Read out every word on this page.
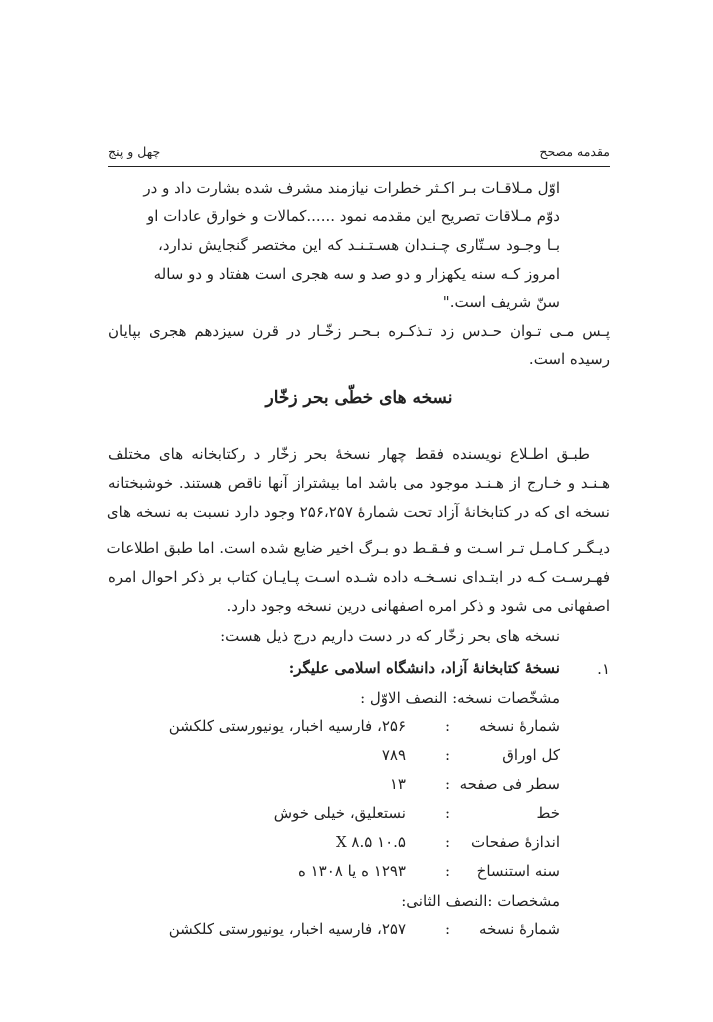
مقدمه مصحح
چهل و پنج
اوّل مـلاقـات بـر اکـثر خطرات نیازمند مشرف شده بشارت داد و در
دوّم مـلاقات تصریح این مقدمه نمود ......کمالات و خوارق عادات او
بـا وجـود سـتّاری چـنـدان هسـتـنـد که این مختصر گنجایش ندارد،
امروز کـه سنه یکهزار و دو صد و سه هجری است هفتاد و دو ساله
سنّ شریف است."
پـس مـی تـوان حـدس زد تـذکـره بـحـر زخّـار در قرن سیزدهم هجری بپایان
رسیده است.
نسخه های خطّی بحر زخّار
طبـق اطـلاع نویسنده فقط چهار نسخهٔ بحر زخّار د رکتابخانه های مختلف
هـنـد و خـارج از هـنـد موجود می باشد اما بیشتراز آنها ناقص هستند. خوشبختانه
نسخه ای که در کتابخانهٔ آزاد تحت شمارهٔ ۲۵۶،۲۵۷ وجود دارد نسبت به نسخه های
دیـگـر کـامـل تـر اسـت و فـقـط دو بـرگ اخیر ضایع شده است. اما طبق اطلاعات
فهـرسـت کـه در ابتـدای نسـخـه داده شـده اسـت پـایـان کتاب بر ذکر احوال امره
اصفهانی می شود و ذکر امره اصفهانی درین نسخه وجود دارد.
نسخه های بحر زخّار که در دست داریم درج ذیل هست:
۱.
نسخهٔ کتابخانهٔ آزاد، دانشگاه اسلامی علیگر:
مشخّصات نسخه: النصف الاوّل :
شمارهٔ نسخه
:
۲۵۶، فارسیه اخبار، یونیورستی کلکشن
کل اوراق
:
۷۸۹
سطر فی صفحه
:
۱۳
خط
:
نستعلیق، خیلی خوش
اندازهٔ صفحات
:
۱۰.۵ X ۸.۵
سنه استنساخ
:
۱۲۹۳ ه یا ۱۳۰۸ ه
مشخصات :النصف الثانی:
شمارهٔ نسخه
:
۲۵۷، فارسیه اخبار، یونیورستی کلکشن
